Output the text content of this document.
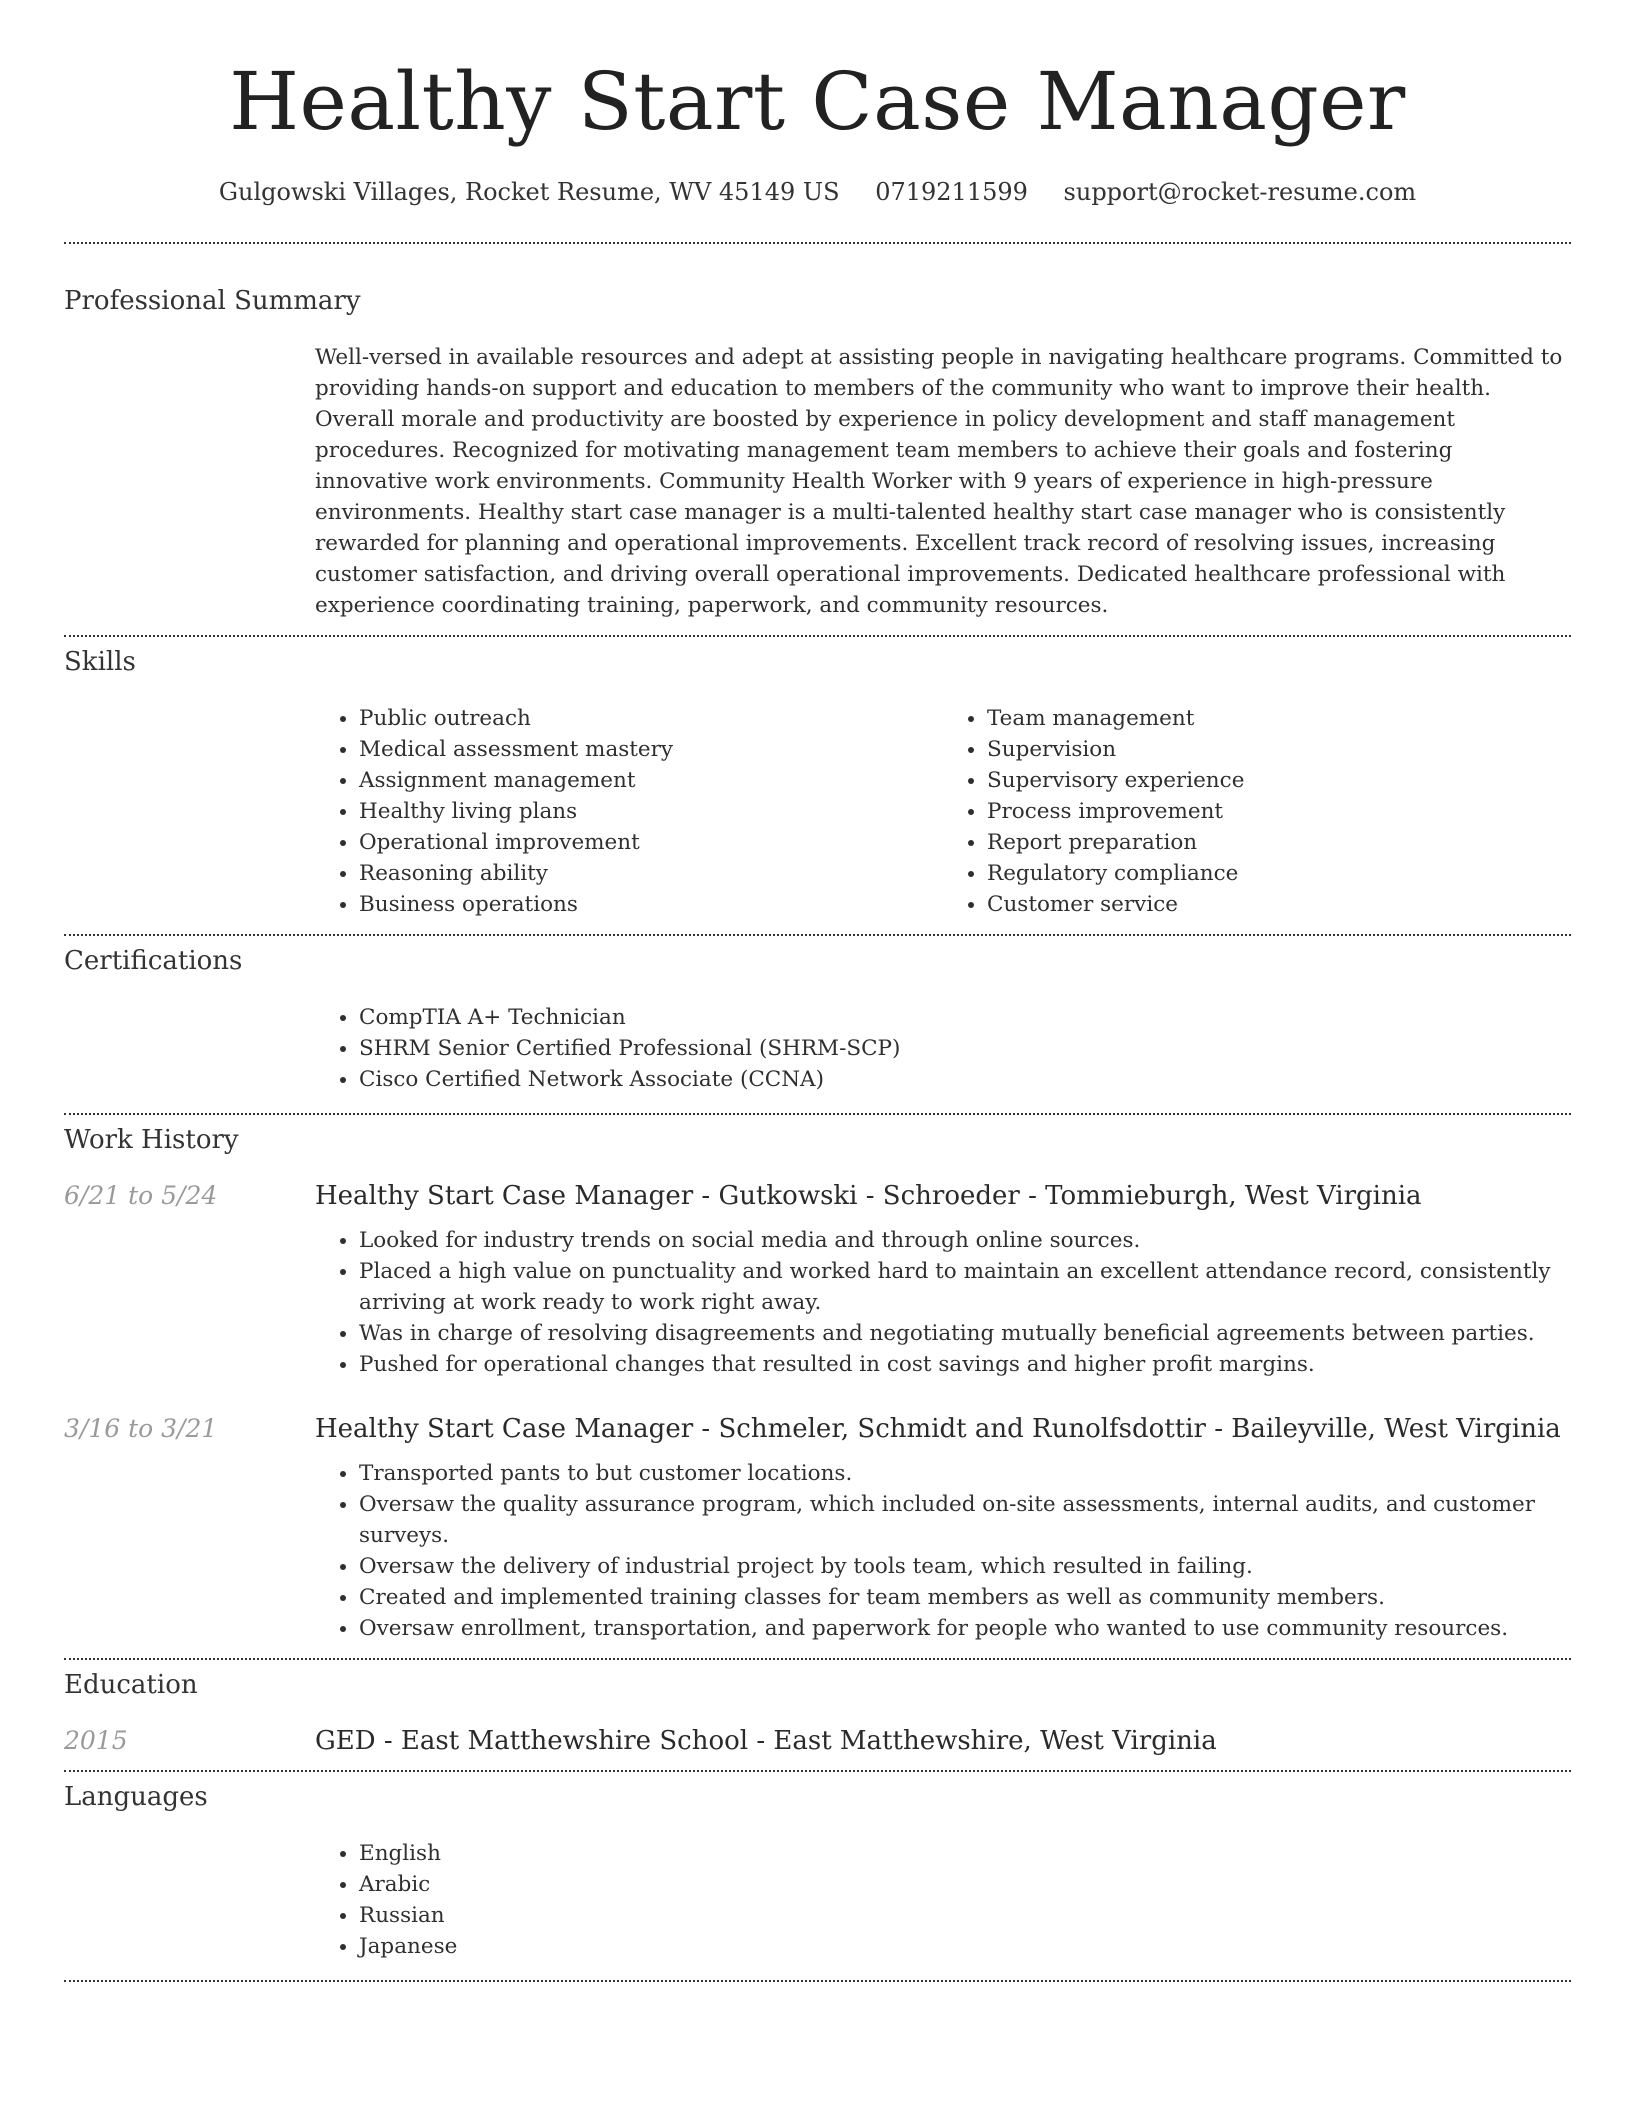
Healthy Start Case Manager
Gulgowski Villages, Rocket Resume, WV 45149 US 0719211599 support@rocket-resume.com
Professional Summary
Well-versed in available resources and adept at assisting people in navigating healthcare programs. Committed to providing hands-on support and education to members of the community who want to improve their health. Overall morale and productivity are boosted by experience in policy development and staff management procedures. Recognized for motivating management team members to achieve their goals and fostering innovative work environments. Community Health Worker with 9 years of experience in high-pressure environments. Healthy start case manager is a multi-talented healthy start case manager who is consistently rewarded for planning and operational improvements. Excellent track record of resolving issues, increasing customer satisfaction, and driving overall operational improvements. Dedicated healthcare professional with experience coordinating training, paperwork, and community resources.
Skills
• Public outreach
• Medical assessment mastery
• Assignment management
• Healthy living plans
• Operational improvement
• Reasoning ability
• Business operations
• Team management
• Supervision
• Supervisory experience
• Process improvement
• Report preparation
• Regulatory compliance
• Customer service
Certifications
• CompTIA A+ Technician
• SHRM Senior Certified Professional (SHRM-SCP)
• Cisco Certified Network Associate (CCNA)
Work History
6/21 to 5/24	Healthy Start Case Manager - Gutkowski - Schroeder - Tommieburgh, West Virginia
• Looked for industry trends on social media and through online sources.
• Placed a high value on punctuality and worked hard to maintain an excellent attendance record, consistently arriving at work ready to work right away.
• Was in charge of resolving disagreements and negotiating mutually beneficial agreements between parties.
• Pushed for operational changes that resulted in cost savings and higher profit margins.
3/16 to 3/21	Healthy Start Case Manager - Schmeler, Schmidt and Runolfsdottir - Baileyville, West Virginia
• Transported pants to but customer locations.
• Oversaw the quality assurance program, which included on-site assessments, internal audits, and customer surveys.
• Oversaw the delivery of industrial project by tools team, which resulted in failing.
• Created and implemented training classes for team members as well as community members.
• Oversaw enrollment, transportation, and paperwork for people who wanted to use community resources.
Education
2015	GED - East Matthewshire School - East Matthewshire, West Virginia
Languages
• English
• Arabic
• Russian
• Japanese
